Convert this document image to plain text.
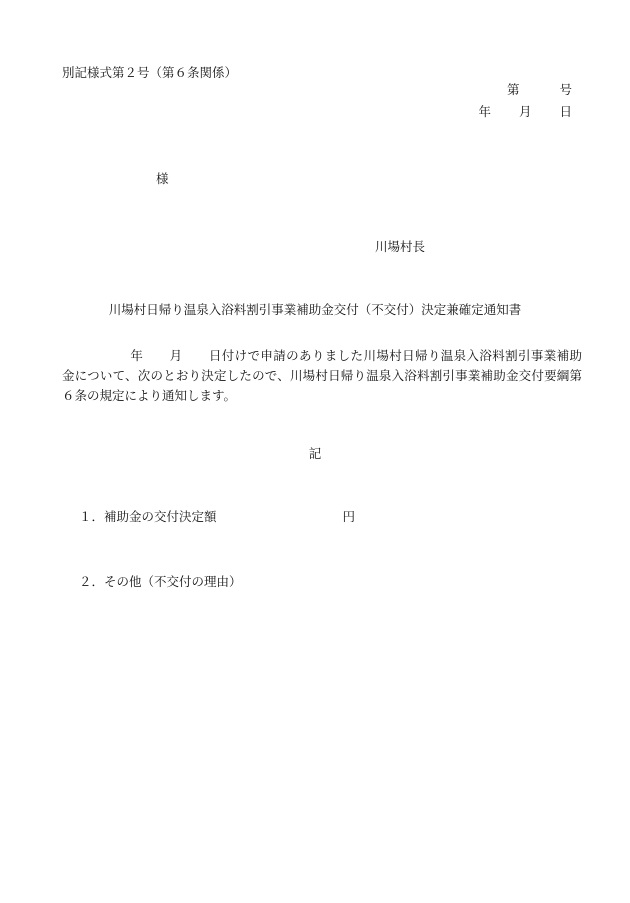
別記様式第２号（第６条関係）
第	号
年 月 日
様
川場村長
川場村日帰り温泉入浴料割引事業補助金交付（不交付）決定兼確定通知書
年 月 日付けで申請のありました川場村日帰り温泉入浴料割引事業補助金について、次のとおり決定したので、川場村日帰り温泉入浴料割引事業補助金交付要綱第６条の規定により通知します。
記
１．補助金の交付決定額	円
２．その他（不交付の理由）
